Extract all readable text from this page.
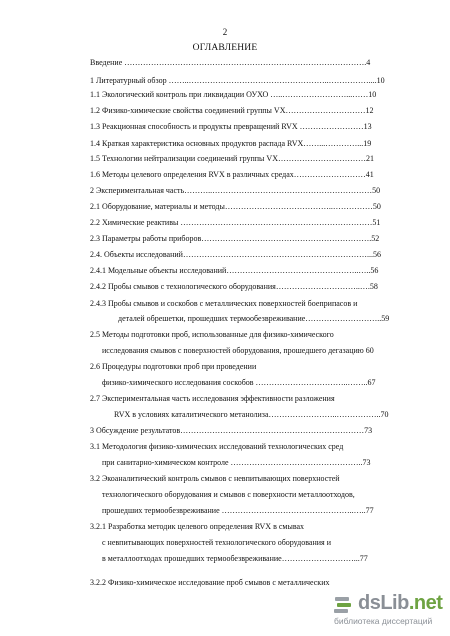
2
ОГЛАВЛЕНИЕ
Введение ……………………………………………………………………………….4
1 Литературный обзор ……..……………………………………………..……………....10
1.1 Экологический контроль при ликвидации ОУХО …..……………………...……10
1.2 Физико-химические свойства соединений группы VX…………………………12
1.3 Реакционная способность и продукты превращений RVX ……………………13
1.4 Краткая характеристика основных продуктов распада RVX……...…………...19
1.5 Технологии нейтрализации соединений группы VX……………………………21
1.6 Методы целевого определения RVX в различных средах………………………41
2 Экспериментальная часть………..……………………………………………………50
2.1 Оборудование, материалы и методы…………………………………..……………50
2.2 Химические реактивы ………………………………………………………………51
2.3 Параметры работы приборов……………………………………………………….52
2.4. Объекты исследований……………………………………………………………...56
2.4.1 Модельные объекты исследований…………………………………………..…..56
2.4.2 Пробы смывов с технологического оборудования…………………………..….58
2.4.3 Пробы смывов и соскобов с металлических поверхностей боеприпасов и
деталей обрешетки, прошедших термообезвреживание………………………..59
2.5 Методы подготовки проб, использованные для физико-химического
исследования смывов с поверхностей оборудования, прошедшего дегазацию 60
2.6 Процедуры подготовки проб при проведении
физико-химического исследования соскобов ……………………………..……..67
2.7 Экспериментальная часть исследования эффективности разложения
RVX в условиях каталитического метанолиза……………………..……………..70
3 Обсуждение результатов……………………………………………………………73
3.1 Методология физико-химических исследований технологических сред
при санитарно-химическом контроле …………………………………………..73
3.2 Экоаналитический контроль смывов с невпитывающих поверхностей
технологического оборудования и смывов с поверхности металлоотходов,
прошедших термообезвреживание …………………………………………..…..77
3.2.1 Разработка методик целевого определения RVX в смывах
с невпитывающих поверхностей технологического оборудования и
в металлоотходах прошедших термообезвреживание………………………...77
3.2.2 Физико-химическое исследование проб смывов с металлических
dsLib.net
библиотека диссертаций
